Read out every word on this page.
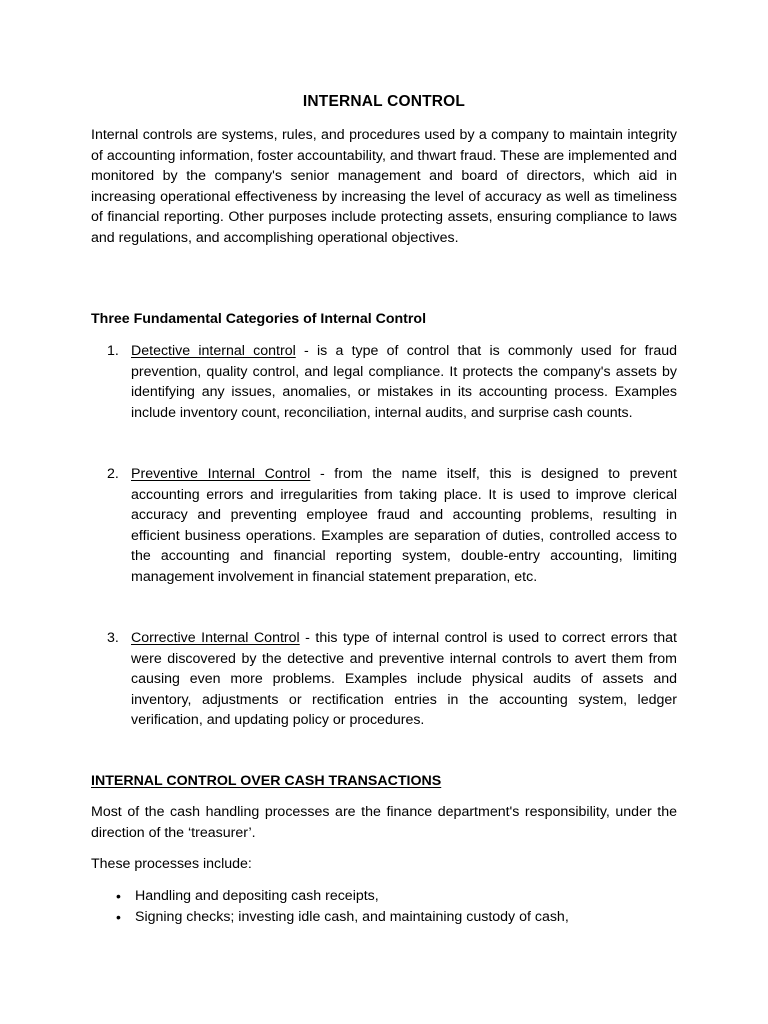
INTERNAL CONTROL

Internal controls are systems, rules, and procedures used by a company to maintain integrity of accounting information, foster accountability, and thwart fraud. These are implemented and monitored by the company's senior management and board of directors, which aid in increasing operational effectiveness by increasing the level of accuracy as well as timeliness of financial reporting. Other purposes include protecting assets, ensuring compliance to laws and regulations, and accomplishing operational objectives.

Three Fundamental Categories of Internal Control

1. Detective internal control - is a type of control that is commonly used for fraud prevention, quality control, and legal compliance. It protects the company's assets by identifying any issues, anomalies, or mistakes in its accounting process. Examples include inventory count, reconciliation, internal audits, and surprise cash counts.

2. Preventive Internal Control - from the name itself, this is designed to prevent accounting errors and irregularities from taking place. It is used to improve clerical accuracy and preventing employee fraud and accounting problems, resulting in efficient business operations. Examples are separation of duties, controlled access to the accounting and financial reporting system, double-entry accounting, limiting management involvement in financial statement preparation, etc.

3. Corrective Internal Control - this type of internal control is used to correct errors that were discovered by the detective and preventive internal controls to avert them from causing even more problems. Examples include physical audits of assets and inventory, adjustments or rectification entries in the accounting system, ledger verification, and updating policy or procedures.

INTERNAL CONTROL OVER CASH TRANSACTIONS

Most of the cash handling processes are the finance department's responsibility, under the direction of the ‘treasurer’.

These processes include:

• Handling and depositing cash receipts,
• Signing checks; investing idle cash, and maintaining custody of cash,
